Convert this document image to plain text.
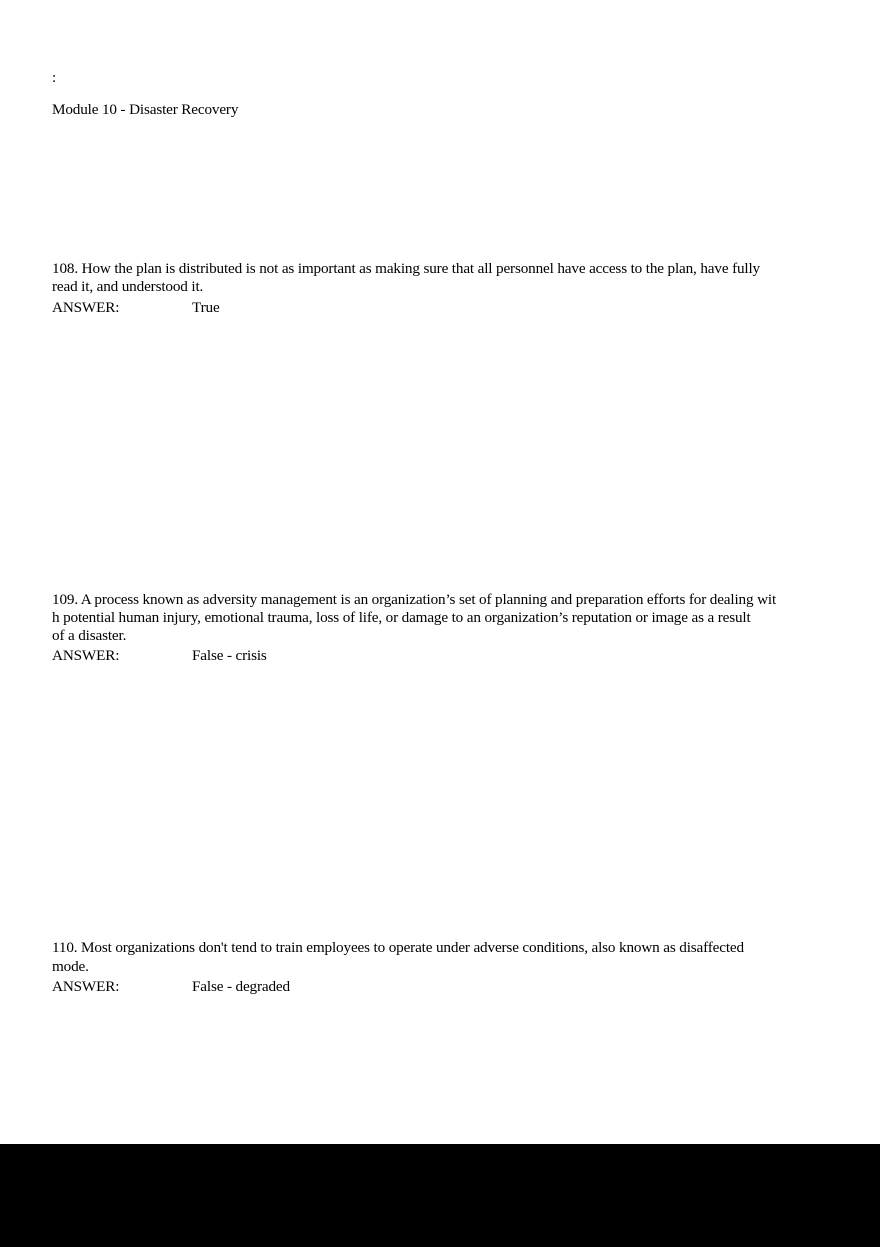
:
Module 10 - Disaster Recovery
108. How the plan is distributed is not as important as making sure that all personnel have access to the plan, have fully
read it, and understood it.
ANSWER:	True
109. A process known as adversity management is an organization’s set of planning and preparation efforts for dealing wit
h potential human injury, emotional trauma, loss of life, or damage to an organization’s reputation or image as a result
of a disaster.
ANSWER:	False - crisis
110. Most organizations don't tend to train employees to operate under adverse conditions, also known as disaffected
mode.
ANSWER:	False - degraded
